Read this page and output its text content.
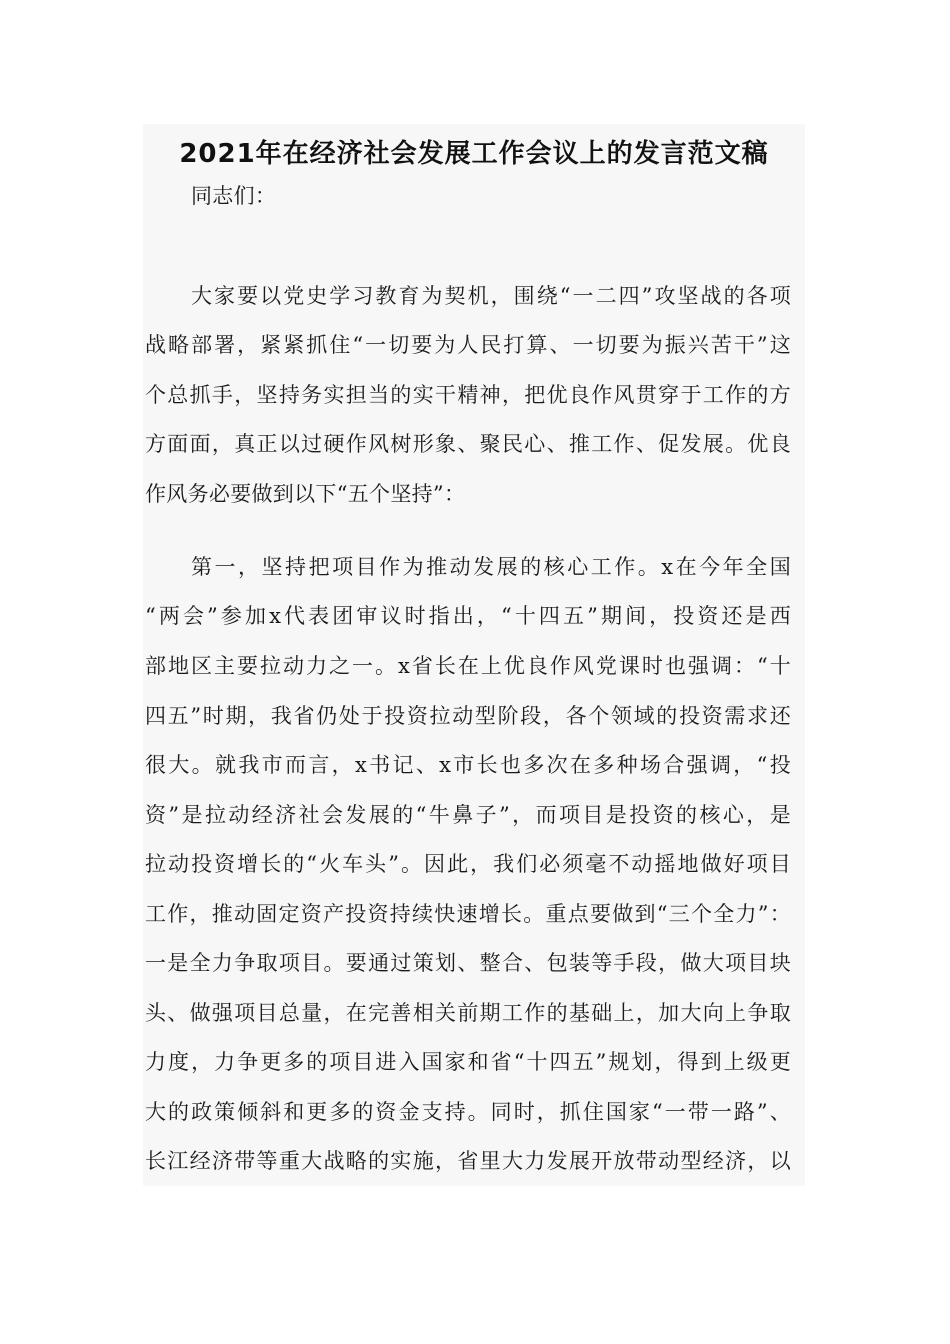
2021年在经济社会发展工作会议上的发言范文稿

同志们：

大家要以党史学习教育为契机，围绕“一二四”攻坚战的各项

战略部署，紧紧抓住“一切要为人民打算、一切要为振兴苦干”这

个总抓手，坚持务实担当的实干精神，把优良作风贯穿于工作的方

方面面，真正以过硬作风树形象、聚民心、推工作、促发展。优良

作风务必要做到以下“五个坚持”：

第一，坚持把项目作为推动发展的核心工作。x在今年全国

“两会”参加x代表团审议时指出，“十四五”期间，投资还是西

部地区主要拉动力之一。x省长在上优良作风党课时也强调：“十

四五”时期，我省仍处于投资拉动型阶段，各个领域的投资需求还

很大。就我市而言，x书记、x市长也多次在多种场合强调，“投

资”是拉动经济社会发展的“牛鼻子”，而项目是投资的核心，是

拉动投资增长的“火车头”。因此，我们必须毫不动摇地做好项目

工作，推动固定资产投资持续快速增长。重点要做到“三个全力”：

一是全力争取项目。要通过策划、整合、包装等手段，做大项目块

头、做强项目总量，在完善相关前期工作的基础上，加大向上争取

力度，力争更多的项目进入国家和省“十四五”规划，得到上级更

大的政策倾斜和更多的资金支持。同时，抓住国家“一带一路”、

长江经济带等重大战略的实施，省里大力发展开放带动型经济，以
